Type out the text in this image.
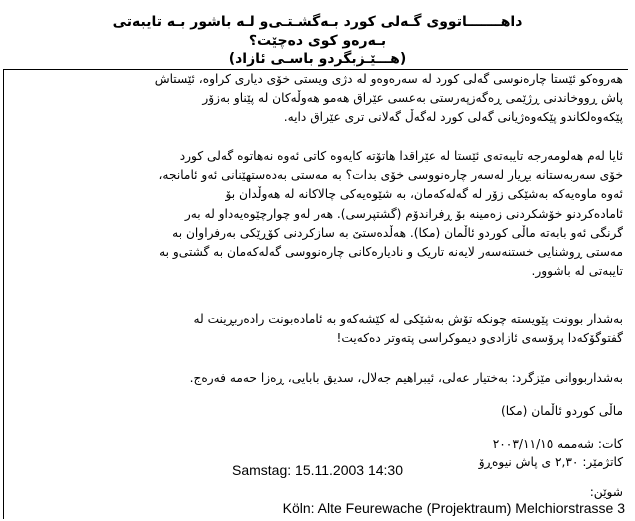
داهـــــــاتووی گـه‌لی کورد بـه‌گشـتـی‌و لـه باشور بـه تایبه‌تی
بـه‌ره‌و کوی ده‌چێت؟
(هـــێـزبگردو باسـی ئازاد)
هه‌روه‌کو ئێستا چاره‌نوسی گه‌لی کورد له سه‌ره‌وه‌و له دژی ویستی خۆی دیاری کراوه، ئێستاش
پاش ڕووخاندنی ڕژێمی ڕه‌گه‌زپه‌رستی به‌عسی عێراق هه‌مو هه‌وڵه‌کان له پێناو به‌زۆر
پێکه‌وه‌لکاندو پێکه‌وه‌ژیانی گه‌لی کورد له‌گه‌ڵ گه‌لانی تری عێراق دایه.
ئایا له‌م هه‌لومه‌رجه تایبه‌ته‌ی ئێستا له عێراقدا هاتۆته کایه‌وه کاتی ئه‌وه نه‌هاتوه گه‌لی کورد
خۆی سه‌ربه‌ستانه بڕیار له‌سه‌ر چاره‌نووسی خۆی بدات؟ به مه‌ستی به‌ده‌ستهێنانی ئه‌و ئامانجه،
ئه‌وه ماوه‌یه‌که به‌شێکی زۆر له گه‌له‌که‌مان، به شێوه‌یه‌کی چالاکانه له هه‌وڵدان بۆ
ئاماده‌کردنو خۆشکردنی زه‌مینه بۆ ڕفراندۆم (گشتپرسی). هه‌ر له‌و چوارچێوه‌یه‌داو له به‌ر
گرنگی ئه‌و بابه‌ته ماڵی کوردو ئاڵمان (مکا). هه‌ڵده‌ستێ به سازکردنی کۆڕێکی به‌رفراوان به
مه‌ستی ڕوشنایی خستنه‌سه‌ر لایه‌نه تاریک و نادیاره‌کانی چاره‌نووسی گه‌له‌که‌مان به گشتی‌و به
تایبه‌تی له باشوور.
به‌شدار بوونت پێویسته چونکه تۆش به‌شێکی له کێشه‌که‌و به ئاماده‌بونت راده‌ربڕینت له
گفتوگۆکه‌دا پرۆسه‌ی ئازادی‌و دیموکراسی پته‌وتر ده‌که‌یت!
به‌شداربووانی مێزگرد: به‌ختیار عه‌لی، ئیبراهیم جه‌لال، سدیق بابایی، ڕه‌زا حه‌مه فه‌ره‌ج.
ماڵی کوردو ئاڵمان (مکا)
کات: شه‌ممه ٢٠٠٣/١١/١٥
کاتژمێر: ٢,٣٠ ی پاش نیوه‌ڕۆ
Samstag: 15.11.2003 14:30
شوێن:
Köln: Alte Feurewache (Projektraum) Melchiorstrasse 3
